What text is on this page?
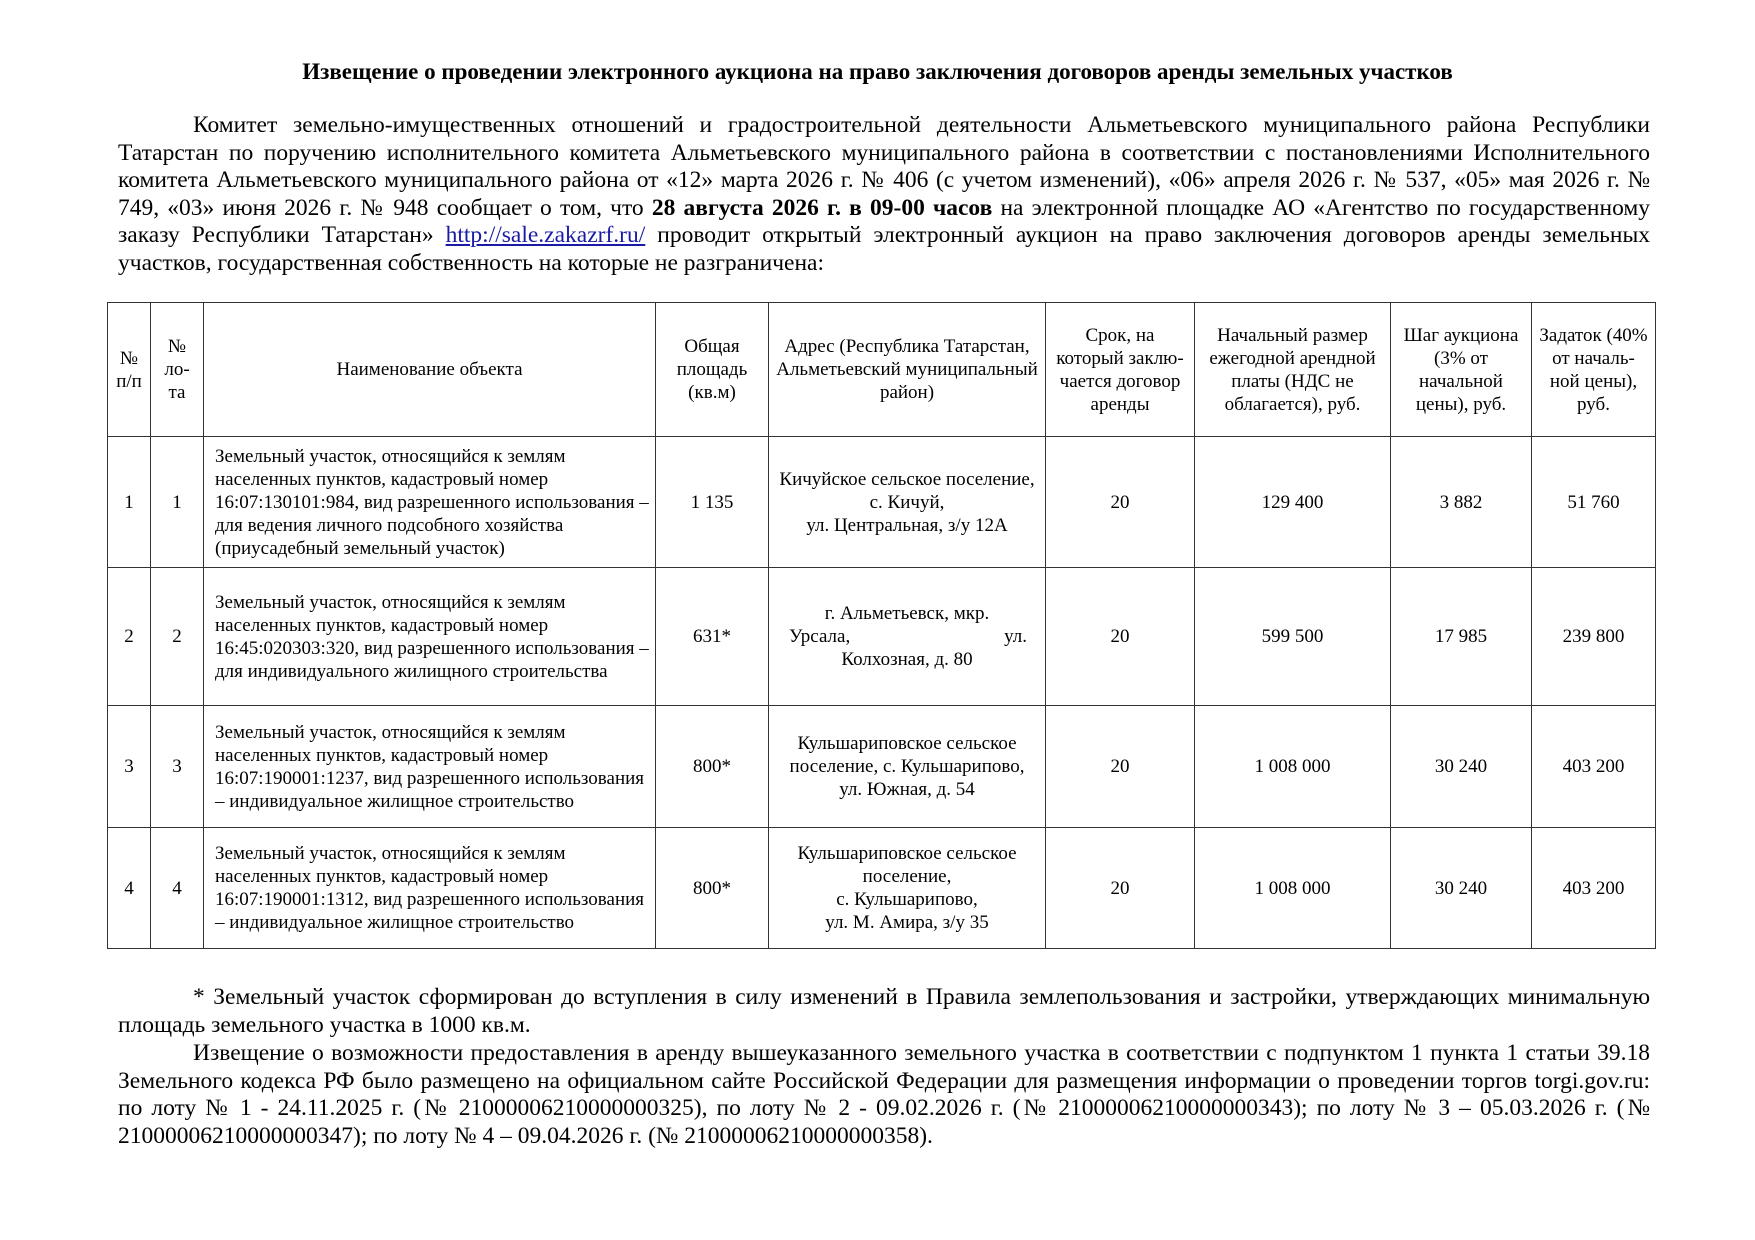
Извещение о проведении электронного аукциона на право заключения договоров аренды земельных участков

Комитет земельно-имущественных отношений и градостроительной деятельности Альметьевского муниципального района Республики Татарстан по поручению исполнительного комитета Альметьевского муниципального района в соответствии с постановлениями Исполнительного комитета Альметьевского муниципального района от «12» марта 2026 г. № 406 (с учетом изменений), «06» апреля 2026 г. № 537, «05» мая 2026 г. № 749, «03» июня 2026 г. № 948 сообщает о том, что 28 августа 2026 г. в 09-00 часов на электронной площадке АО «Агентство по государственному заказу Республики Татарстан» http://sale.zakazrf.ru/ проводит открытый электронный аукцион на право заключения договоров аренды земельных участков, государственная собственность на которые не разграничена:

№ п/п	№ ло-та	Наименование объекта	Общая площадь (кв.м)	Адрес (Республика Татарстан, Альметьевский муниципальный район)	Срок, на который заклю-чается договор аренды	Начальный размер ежегодной арендной платы (НДС не облагается), руб.	Шаг аукциона (3% от начальной цены), руб.	Задаток (40% от началь-ной цены), руб.
1	1	Земельный участок, относящийся к землям населенных пунктов, кадастровый номер 16:07:130101:984, вид разрешенного использования – для ведения личного подсобного хозяйства (приусадебный земельный участок)	1 135	Кичуйское сельское поселение, с. Кичуй,
ул. Центральная, з/у 12А	20	129 400	3 882	51 760
2	2	Земельный участок, относящийся к землям населенных пунктов, кадастровый номер 16:45:020303:320, вид разрешенного использования – для индивидуального жилищного строительства	631*	г. Альметьевск, мкр.
Урсала, ул.
Колхозная, д. 80	20	599 500	17 985	239 800
3	3	Земельный участок, относящийся к землям населенных пунктов, кадастровый номер 16:07:190001:1237, вид разрешенного использования – индивидуальное жилищное строительство	800*	Кульшариповское сельское поселение, с. Кульшарипово,
ул. Южная, д. 54	20	1 008 000	30 240	403 200
4	4	Земельный участок, относящийся к землям населенных пунктов, кадастровый номер 16:07:190001:1312, вид разрешенного использования – индивидуальное жилищное строительство	800*	Кульшариповское сельское поселение,
с. Кульшарипово,
ул. М. Амира, з/у 35	20	1 008 000	30 240	403 200

* Земельный участок сформирован до вступления в силу изменений в Правила землепользования и застройки, утверждающих минимальную площадь земельного участка в 1000 кв.м.

Извещение о возможности предоставления в аренду вышеуказанного земельного участка в соответствии с подпунктом 1 пункта 1 статьи 39.18 Земельного кодекса РФ было размещено на официальном сайте Российской Федерации для размещения информации о проведении торгов torgi.gov.ru: по лоту № 1 - 24.11.2025 г. (№ 21000006210000000325), по лоту № 2 - 09.02.2026 г. (№ 21000006210000000343); по лоту № 3 – 05.03.2026 г. (№ 21000006210000000347); по лоту № 4 – 09.04.2026 г. (№ 21000006210000000358).
